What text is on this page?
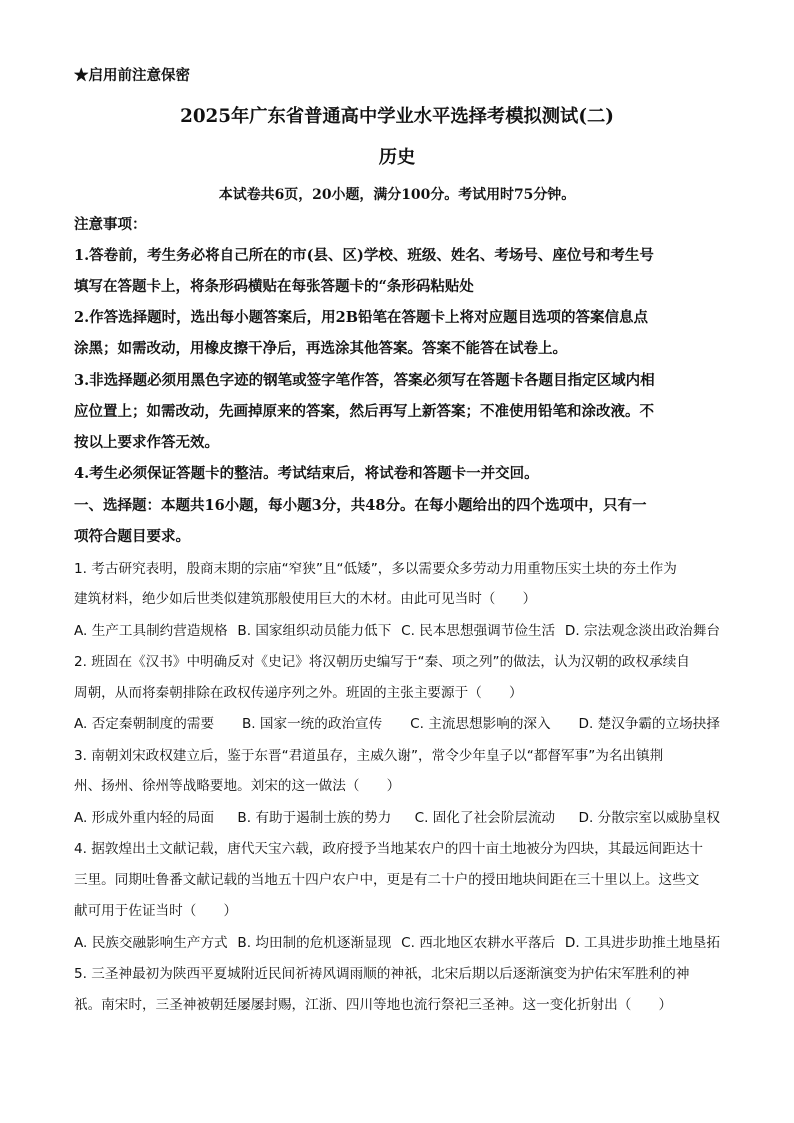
★启用前注意保密
2025年广东省普通高中学业水平选择考模拟测试(二)
历史
本试卷共6页，20小题，满分100分。考试用时75分钟。
注意事项：
1.答卷前，考生务必将自己所在的市(县、区)学校、班级、姓名、考场号、座位号和考生号
填写在答题卡上，将条形码横贴在每张答题卡的“条形码粘贴处
2.作答选择题时，选出每小题答案后，用2B铅笔在答题卡上将对应题目选项的答案信息点
涂黑；如需改动，用橡皮擦干净后，再选涂其他答案。答案不能答在试卷上。
3.非选择题必须用黑色字迹的钢笔或签字笔作答，答案必须写在答题卡各题目指定区域内相
应位置上；如需改动，先画掉原来的答案，然后再写上新答案；不准使用铅笔和涂改液。不
按以上要求作答无效。
4.考生必须保证答题卡的整洁。考试结束后，将试卷和答题卡一并交回。
一、选择题：本题共16小题，每小题3分，共48分。在每小题给出的四个选项中，只有一
项符合题目要求。
1. 考古研究表明，殷商末期的宗庙“窄狭”且“低矮”，多以需要众多劳动力用重物压实土块的夯土作为
建筑材料，绝少如后世类似建筑那般使用巨大的木材。由此可见当时（　　）
A. 生产工具制约营造规格 B. 国家组织动员能力低下 C. 民本思想强调节俭生活 D. 宗法观念淡出政治舞台
2. 班固在《汉书》中明确反对《史记》将汉朝历史编写于“秦、项之列”的做法，认为汉朝的政权承续自
周朝，从而将秦朝排除在政权传递序列之外。班固的主张主要源于（　　）
A. 否定秦朝制度的需要 B. 国家一统的政治宣传 C. 主流思想影响的深入 D. 楚汉争霸的立场抉择
3. 南朝刘宋政权建立后，鉴于东晋“君道虽存，主威久谢”，常令少年皇子以“都督军事”为名出镇荆
州、扬州、徐州等战略要地。刘宋的这一做法（　　）
A. 形成外重内轻的局面 B. 有助于遏制士族的势力 C. 固化了社会阶层流动 D. 分散宗室以威胁皇权
4. 据敦煌出土文献记载，唐代天宝六载，政府授予当地某农户的四十亩土地被分为四块，其最远间距达十
三里。同期吐鲁番文献记载的当地五十四户农户中，更是有二十户的授田地块间距在三十里以上。这些文
献可用于佐证当时（　　）
A. 民族交融影响生产方式 B. 均田制的危机逐渐显现 C. 西北地区农耕水平落后 D. 工具进步助推土地垦拓
5. 三圣神最初为陕西平夏城附近民间祈祷风调雨顺的神祇，北宋后期以后逐渐演变为护佑宋军胜利的神
祇。南宋时，三圣神被朝廷屡屡封赐，江浙、四川等地也流行祭祀三圣神。这一变化折射出（　　）
